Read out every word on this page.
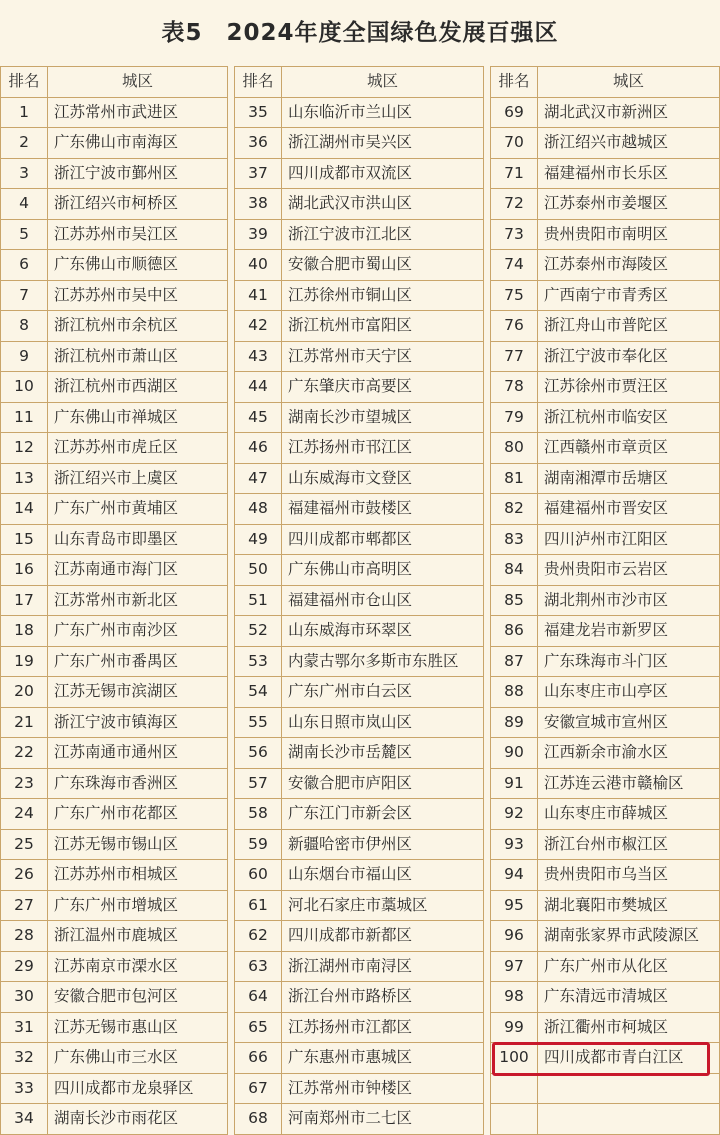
表5　2024年度全国绿色发展百强区
排名	城区
1	江苏常州市武进区
2	广东佛山市南海区
3	浙江宁波市鄞州区
4	浙江绍兴市柯桥区
5	江苏苏州市吴江区
6	广东佛山市顺德区
7	江苏苏州市吴中区
8	浙江杭州市余杭区
9	浙江杭州市萧山区
10	浙江杭州市西湖区
11	广东佛山市禅城区
12	江苏苏州市虎丘区
13	浙江绍兴市上虞区
14	广东广州市黄埔区
15	山东青岛市即墨区
16	江苏南通市海门区
17	江苏常州市新北区
18	广东广州市南沙区
19	广东广州市番禺区
20	江苏无锡市滨湖区
21	浙江宁波市镇海区
22	江苏南通市通州区
23	广东珠海市香洲区
24	广东广州市花都区
25	江苏无锡市锡山区
26	江苏苏州市相城区
27	广东广州市增城区
28	浙江温州市鹿城区
29	江苏南京市溧水区
30	安徽合肥市包河区
31	江苏无锡市惠山区
32	广东佛山市三水区
33	四川成都市龙泉驿区
34	湖南长沙市雨花区
排名	城区
35	山东临沂市兰山区
36	浙江湖州市吴兴区
37	四川成都市双流区
38	湖北武汉市洪山区
39	浙江宁波市江北区
40	安徽合肥市蜀山区
41	江苏徐州市铜山区
42	浙江杭州市富阳区
43	江苏常州市天宁区
44	广东肇庆市高要区
45	湖南长沙市望城区
46	江苏扬州市邗江区
47	山东威海市文登区
48	福建福州市鼓楼区
49	四川成都市郫都区
50	广东佛山市高明区
51	福建福州市仓山区
52	山东威海市环翠区
53	内蒙古鄂尔多斯市东胜区
54	广东广州市白云区
55	山东日照市岚山区
56	湖南长沙市岳麓区
57	安徽合肥市庐阳区
58	广东江门市新会区
59	新疆哈密市伊州区
60	山东烟台市福山区
61	河北石家庄市藁城区
62	四川成都市新都区
63	浙江湖州市南浔区
64	浙江台州市路桥区
65	江苏扬州市江都区
66	广东惠州市惠城区
67	江苏常州市钟楼区
68	河南郑州市二七区
排名	城区
69	湖北武汉市新洲区
70	浙江绍兴市越城区
71	福建福州市长乐区
72	江苏泰州市姜堰区
73	贵州贵阳市南明区
74	江苏泰州市海陵区
75	广西南宁市青秀区
76	浙江舟山市普陀区
77	浙江宁波市奉化区
78	江苏徐州市贾汪区
79	浙江杭州市临安区
80	江西赣州市章贡区
81	湖南湘潭市岳塘区
82	福建福州市晋安区
83	四川泸州市江阳区
84	贵州贵阳市云岩区
85	湖北荆州市沙市区
86	福建龙岩市新罗区
87	广东珠海市斗门区
88	山东枣庄市山亭区
89	安徽宣城市宣州区
90	江西新余市渝水区
91	江苏连云港市赣榆区
92	山东枣庄市薛城区
93	浙江台州市椒江区
94	贵州贵阳市乌当区
95	湖北襄阳市樊城区
96	湖南张家界市武陵源区
97	广东广州市从化区
98	广东清远市清城区
99	浙江衢州市柯城区
100	四川成都市青白江区
